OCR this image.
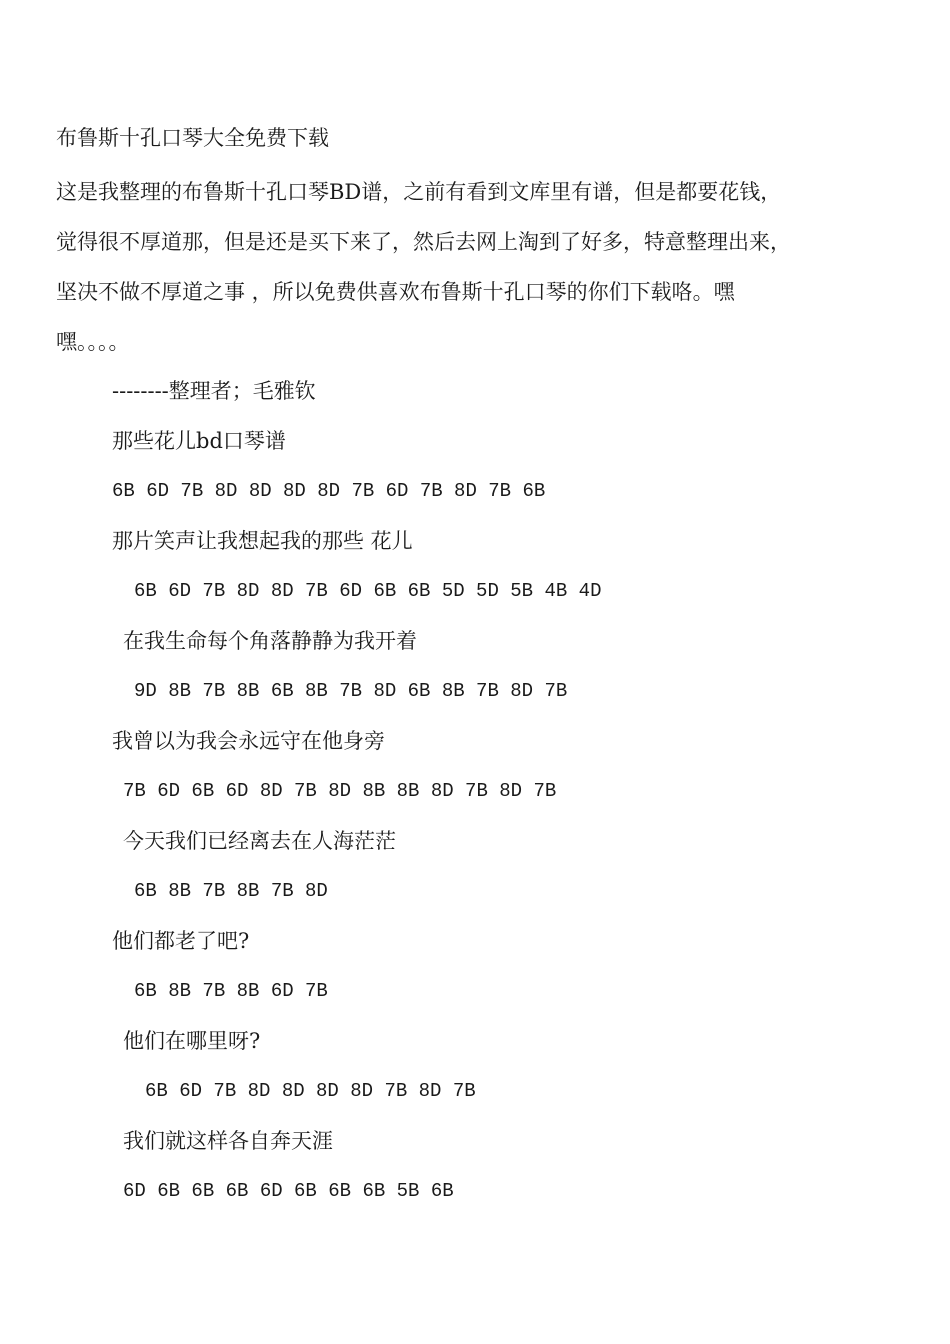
布鲁斯十孔口琴大全免费下载
这是我整理的布鲁斯十孔口琴BD谱，之前有看到文库里有谱，但是都要花钱，
觉得很不厚道那，但是还是买下来了，然后去网上淘到了好多，特意整理出来，
坚决不做不厚道之事 ，所以免费供喜欢布鲁斯十孔口琴的你们下载咯。嘿
嘿。。。。
--------整理者；毛雅钦
那些花儿bd口琴谱
6B 6D 7B 8D 8D 8D 8D 7B 6D 7B 8D 7B 6B
那片笑声让我想起我的那些 花儿
6B 6D 7B 8D 8D 7B 6D 6B 6B 5D 5D 5B 4B 4D
在我生命每个角落静静为我开着
9D 8B 7B 8B 6B 8B 7B 8D 6B 8B 7B 8D 7B
我曾以为我会永远守在他身旁
7B 6D 6B 6D 8D 7B 8D 8B 8B 8D 7B 8D 7B
今天我们已经离去在人海茫茫
6B 8B 7B 8B 7B 8D
他们都老了吧?
6B 8B 7B 8B 6D 7B
他们在哪里呀?
6B 6D 7B 8D 8D 8D 8D 7B 8D 7B
我们就这样各自奔天涯
6D 6B 6B 6B 6D 6B 6B 6B 5B 6B
